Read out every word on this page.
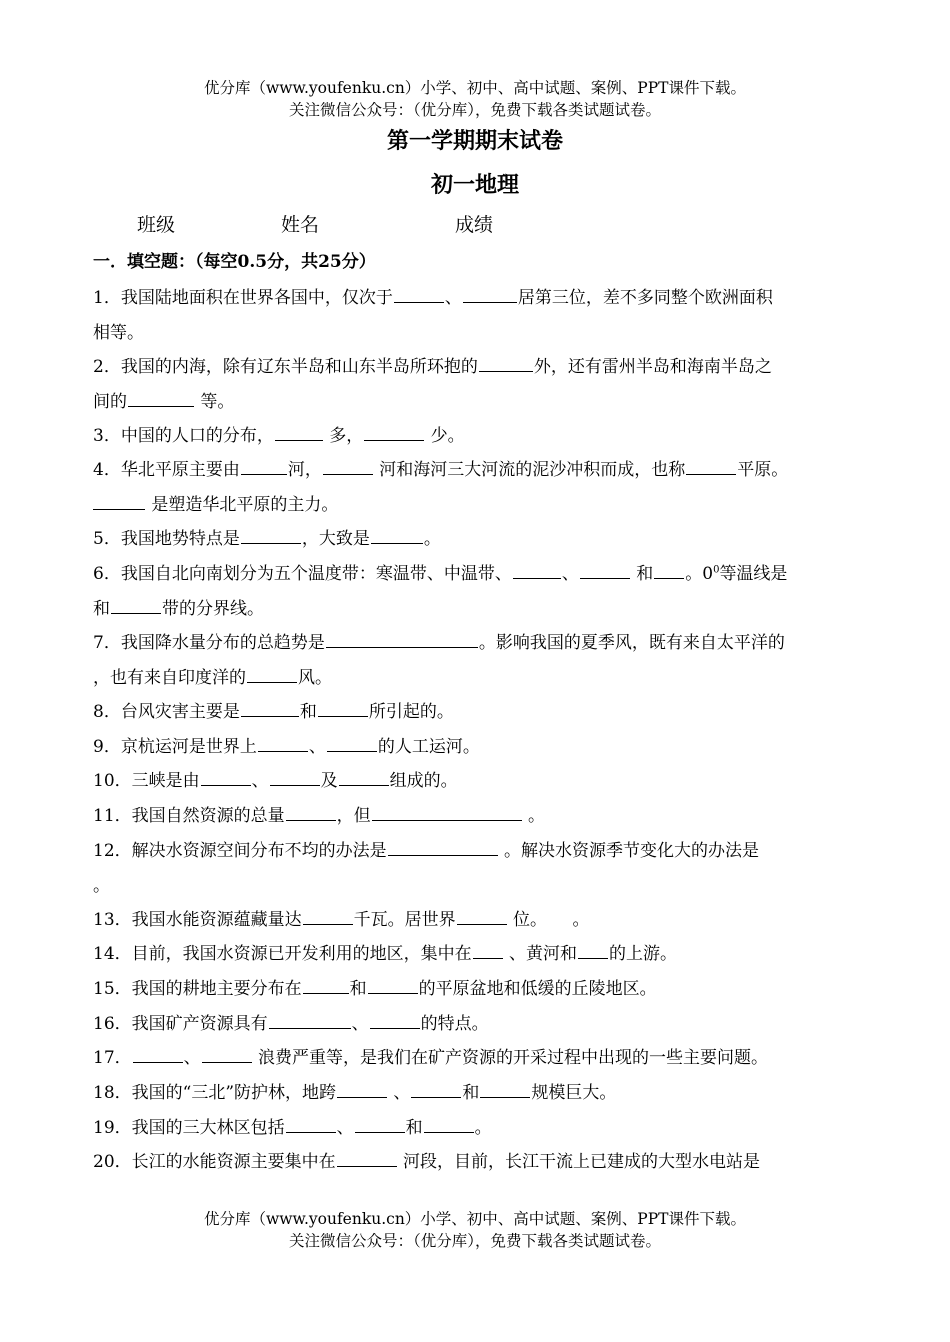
优分库（www.youfenku.cn）小学、初中、高中试题、案例、PPT课件下载。
关注微信公众号：（优分库），免费下载各类试题试卷。
第一学期期末试卷
初一地理
班级	姓名	成绩
一．填空题：（每空0.5分，共25分）
1．我国陆地面积在世界各国中，仅次于	、	居第三位，差不多同整个欧洲面积
相等。
2．我国的内海，除有辽东半岛和山东半岛所环抱的	外，还有雷州半岛和海南半岛之
间的	等。
3．中国的人口的分布，	多，	少。
4．华北平原主要由	河，	河和海河三大河流的泥沙冲积而成，也称	平原。
是塑造华北平原的主力。
5．我国地势特点是	，大致是	。
6．我国自北向南划分为五个温度带：寒温带、中温带、	、	和 。$0^0$等温线是
和	带的分界线。
7．我国降水量分布的总趋势是	。影响我国的夏季风，既有来自太平洋的
，也有来自印度洋的	风。
8．台风灾害主要是	和	所引起的。
9．京杭运河是世界上	、	的人工运河。
10．三峡是由	、	及	组成的。
11．我国自然资源的总量	，但	。
12．解决水资源空间分布不均的办法是	。解决水资源季节变化大的办法是
。
13．我国水能资源蕴藏量达	千瓦。居世界	位。　　。
14．目前，我国水资源已开发利用的地区，集中在 、黄河和 的上游。
15．我国的耕地主要分布在	和	的平原盆地和低缓的丘陵地区。
16．我国矿产资源具有	、	的特点。
17．	、	浪费严重等，是我们在矿产资源的开采过程中出现的一些主要问题。
18．我国的“三北”防护林，地跨	、	和	规模巨大。
19．我国的三大林区包括	、	和	。
20．长江的水能资源主要集中在	河段，目前，长江干流上已建成的大型水电站是
优分库（www.youfenku.cn）小学、初中、高中试题、案例、PPT课件下载。
关注微信公众号：（优分库），免费下载各类试题试卷。
